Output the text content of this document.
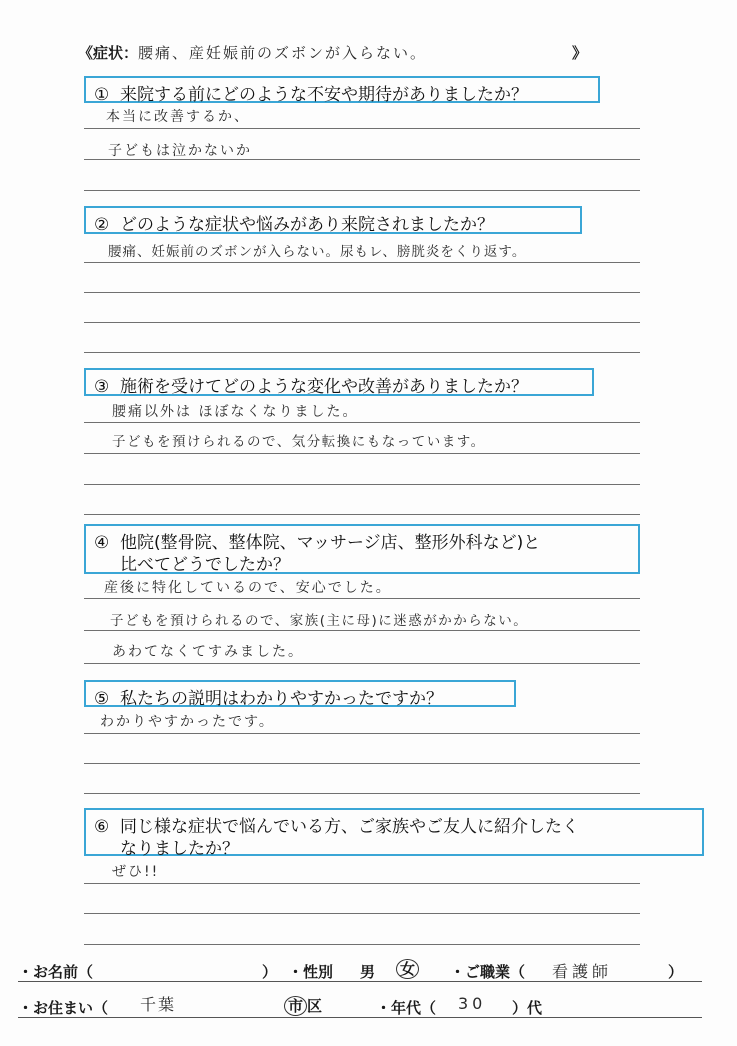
《症状：腰痛、産妊娠前のズボンが入らない。	》
① 来院する前にどのような不安や期待がありましたか？
本当に改善するか、
子どもは泣かないか
② どのような症状や悩みがあり来院されましたか？
腰痛、妊娠前のズボンが入らない。尿もレ、膀胱炎をくり返す。
③ 施術を受けてどのような変化や改善がありましたか？
腰痛以外は ほぼなくなりました。
子どもを預けられるので、気分転換にもなっています。
④ 他院(整骨院、整体院、マッサージ店、整形外科など)と
比べてどうでしたか？
産後に特化しているので、安心でした。
子どもを預けられるので、家族(主に母)に迷惑がかからない。
あわてなくてすみました。
⑤ 私たちの説明はわかりやすかったですか？
わかりやすかったです。
⑥ 同じ様な症状で悩んでいる方、ご家族やご友人に紹介したく
なりましたか？
ぜひ!!
・お名前（	） ・性別 男 女 ・ご職業（ 看護師	）
・お住まい（ 千葉	市 区	・年代（ 30 ）代
